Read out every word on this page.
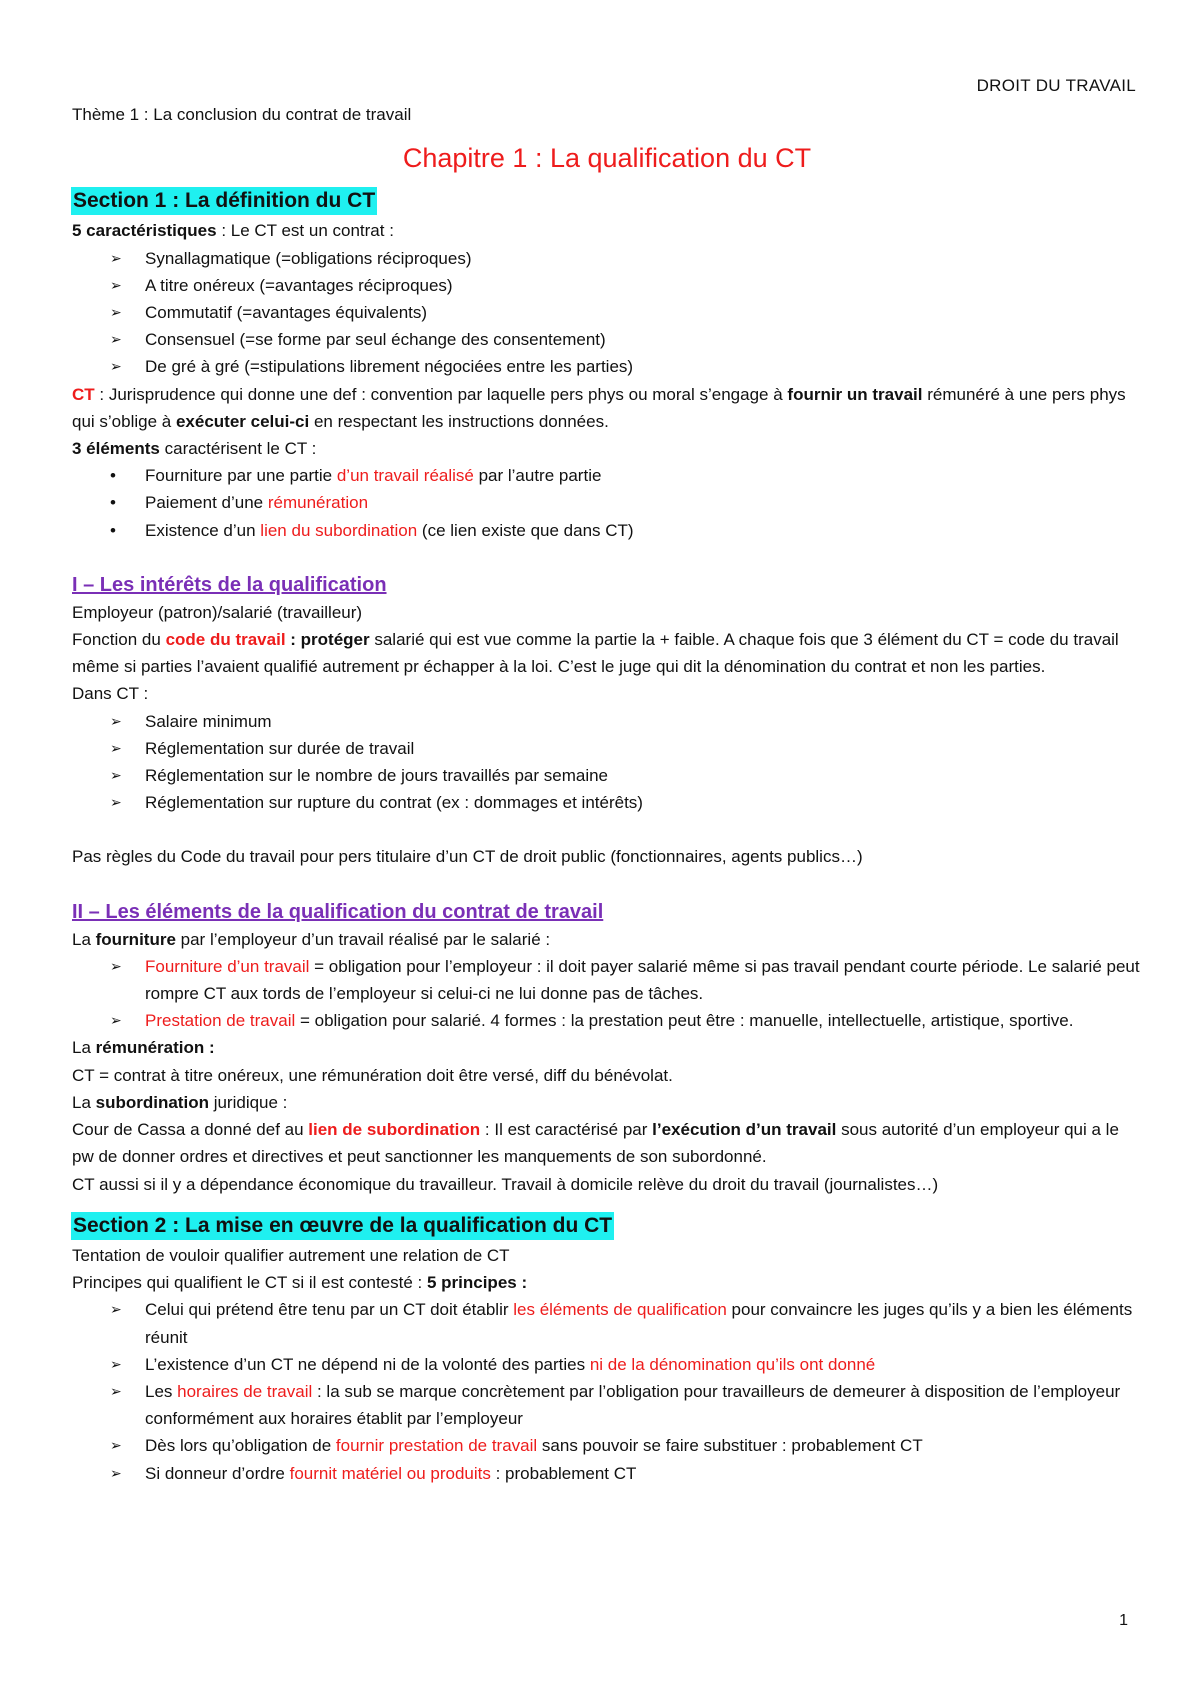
DROIT DU TRAVAIL

Thème 1 : La conclusion du contrat de travail

Chapitre 1 : La qualification du CT
Section 1 : La définition du CT

5 caractéristiques : Le CT est un contrat :

➢	Synallagmatique (=obligations réciproques)
➢	A titre onéreux (=avantages réciproques)
➢	Commutatif (=avantages équivalents)
➢	Consensuel (=se forme par seul échange des consentement)
➢	De gré à gré (=stipulations librement négociées entre les parties)

CT : Jurisprudence qui donne une def : convention par laquelle pers phys ou moral s’engage à fournir un travail rémunéré à une pers phys qui s’oblige à exécuter celui-ci en respectant les instructions données.

3 éléments caractérisent le CT :

•	Fourniture par une partie d’un travail réalisé par l’autre partie
•	Paiement d’une rémunération
•	Existence d’un lien du subordination (ce lien existe que dans CT)
I – Les intérêts de la qualification

Employeur (patron)/salarié (travailleur)

Fonction du code du travail : protéger salarié qui est vue comme la partie la + faible. A chaque fois que 3 élément du CT = code du travail même si parties l’avaient qualifié autrement pr échapper à la loi. C’est le juge qui dit la dénomination du contrat et non les parties.

Dans CT :

➢	Salaire minimum
➢	Réglementation sur durée de travail
➢	Réglementation sur le nombre de jours travaillés par semaine
➢	Réglementation sur rupture du contrat (ex : dommages et intérêts)

Pas règles du Code du travail pour pers titulaire d’un CT de droit public (fonctionnaires, agents publics…)

II – Les éléments de la qualification du contrat de travail

La fourniture par l’employeur d’un travail réalisé par le salarié :

➢	Fourniture d’un travail = obligation pour l’employeur : il doit payer salarié même si pas travail pendant courte période. Le salarié peut rompre CT aux tords de l’employeur si celui-ci ne lui donne pas de tâches.
➢	Prestation de travail = obligation pour salarié. 4 formes : la prestation peut être : manuelle, intellectuelle, artistique, sportive.

La rémunération :

CT = contrat à titre onéreux, une rémunération doit être versé, diff du bénévolat.

La subordination juridique :

Cour de Cassa a donné def au lien de subordination : Il est caractérisé par l’exécution d’un travail sous autorité d’un employeur qui a le pw de donner ordres et directives et peut sanctionner les manquements de son subordonné.

CT aussi si il y a dépendance économique du travailleur. Travail à domicile relève du droit du travail (journalistes…)

Section 2 : La mise en œuvre de la qualification du CT

Tentation de vouloir qualifier autrement une relation de CT

Principes qui qualifient le CT si il est contesté : 5 principes :

➢	Celui qui prétend être tenu par un CT doit établir les éléments de qualification pour convaincre les juges qu’ils y a bien les éléments réunit
➢	L’existence d’un CT ne dépend ni de la volonté des parties ni de la dénomination qu’ils ont donné
➢	Les horaires de travail : la sub se marque concrètement par l’obligation pour travailleurs de demeurer à disposition de l’employeur conformément aux horaires établit par l’employeur
➢	Dès lors qu’obligation de fournir prestation de travail sans pouvoir se faire substituer : probablement CT
➢	Si donneur d’ordre fournit matériel ou produits : probablement CT
1
